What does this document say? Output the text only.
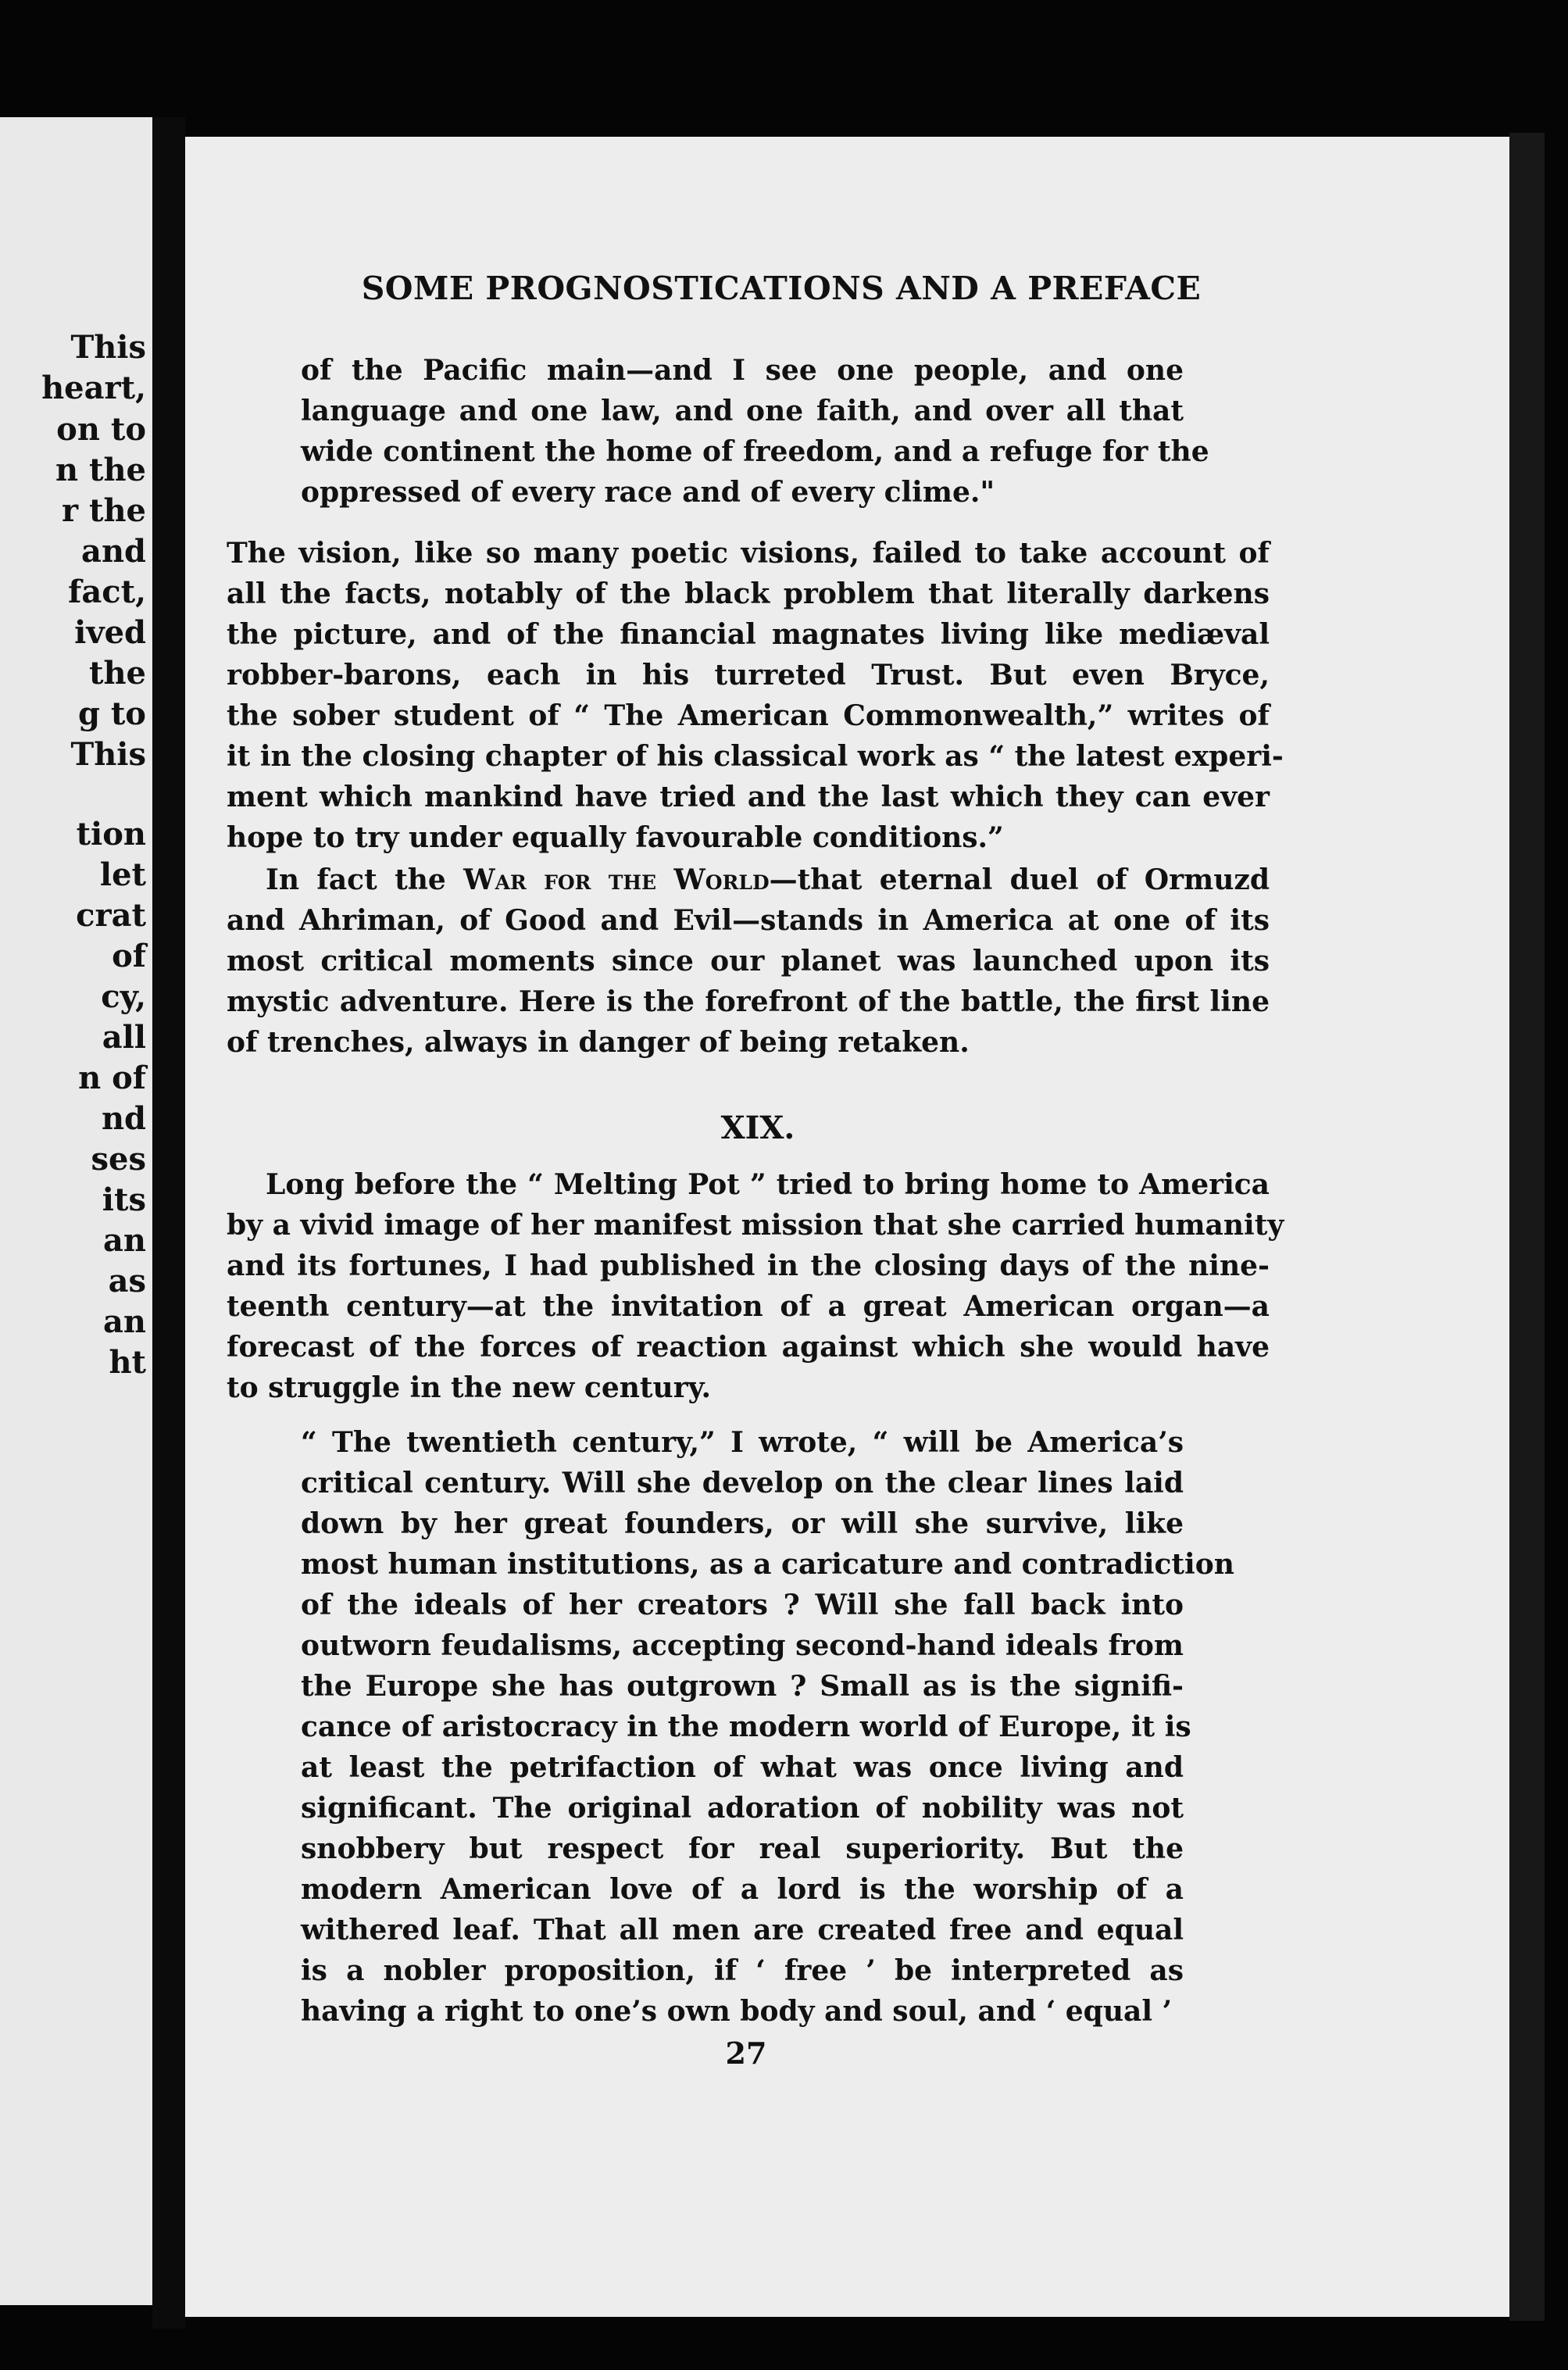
This
heart,
on to
n the
r the
and
fact,
ived
the
g to
This
tion
let
crat
of
cy,
all
n of
nd
ses
its
an
as
an
ht
SOME PROGNOSTICATIONS AND A PREFACE
of the Pacific main—and I see one people, and one
language and one law, and one faith, and over all that
wide continent the home of freedom, and a refuge for the
oppressed of every race and of every clime."
The vision, like so many poetic visions, failed to take account of
all the facts, notably of the black problem that literally darkens
the picture, and of the financial magnates living like mediæval
robber-barons, each in his turreted Trust. But even Bryce,
the sober student of “ The American Commonwealth,” writes of
it in the closing chapter of his classical work as “ the latest experi-
ment which mankind have tried and the last which they can ever
hope to try under equally favourable conditions.”
In fact the War for the World—that eternal duel of Ormuzd
and Ahriman, of Good and Evil—stands in America at one of its
most critical moments since our planet was launched upon its
mystic adventure. Here is the forefront of the battle, the first line
of trenches, always in danger of being retaken.
XIX.
Long before the “ Melting Pot ” tried to bring home to America
by a vivid image of her manifest mission that she carried humanity
and its fortunes, I had published in the closing days of the nine-
teenth century—at the invitation of a great American organ—a
forecast of the forces of reaction against which she would have
to struggle in the new century.
“ The twentieth century,” I wrote, “ will be America’s
critical century. Will she develop on the clear lines laid
down by her great founders, or will she survive, like
most human institutions, as a caricature and contradiction
of the ideals of her creators ? Will she fall back into
outworn feudalisms, accepting second-hand ideals from
the Europe she has outgrown ? Small as is the signifi-
cance of aristocracy in the modern world of Europe, it is
at least the petrifaction of what was once living and
significant. The original adoration of nobility was not
snobbery but respect for real superiority. But the
modern American love of a lord is the worship of a
withered leaf. That all men are created free and equal
is a nobler proposition, if ‘ free ’ be interpreted as
having a right to one’s own body and soul, and ‘ equal ’
27
